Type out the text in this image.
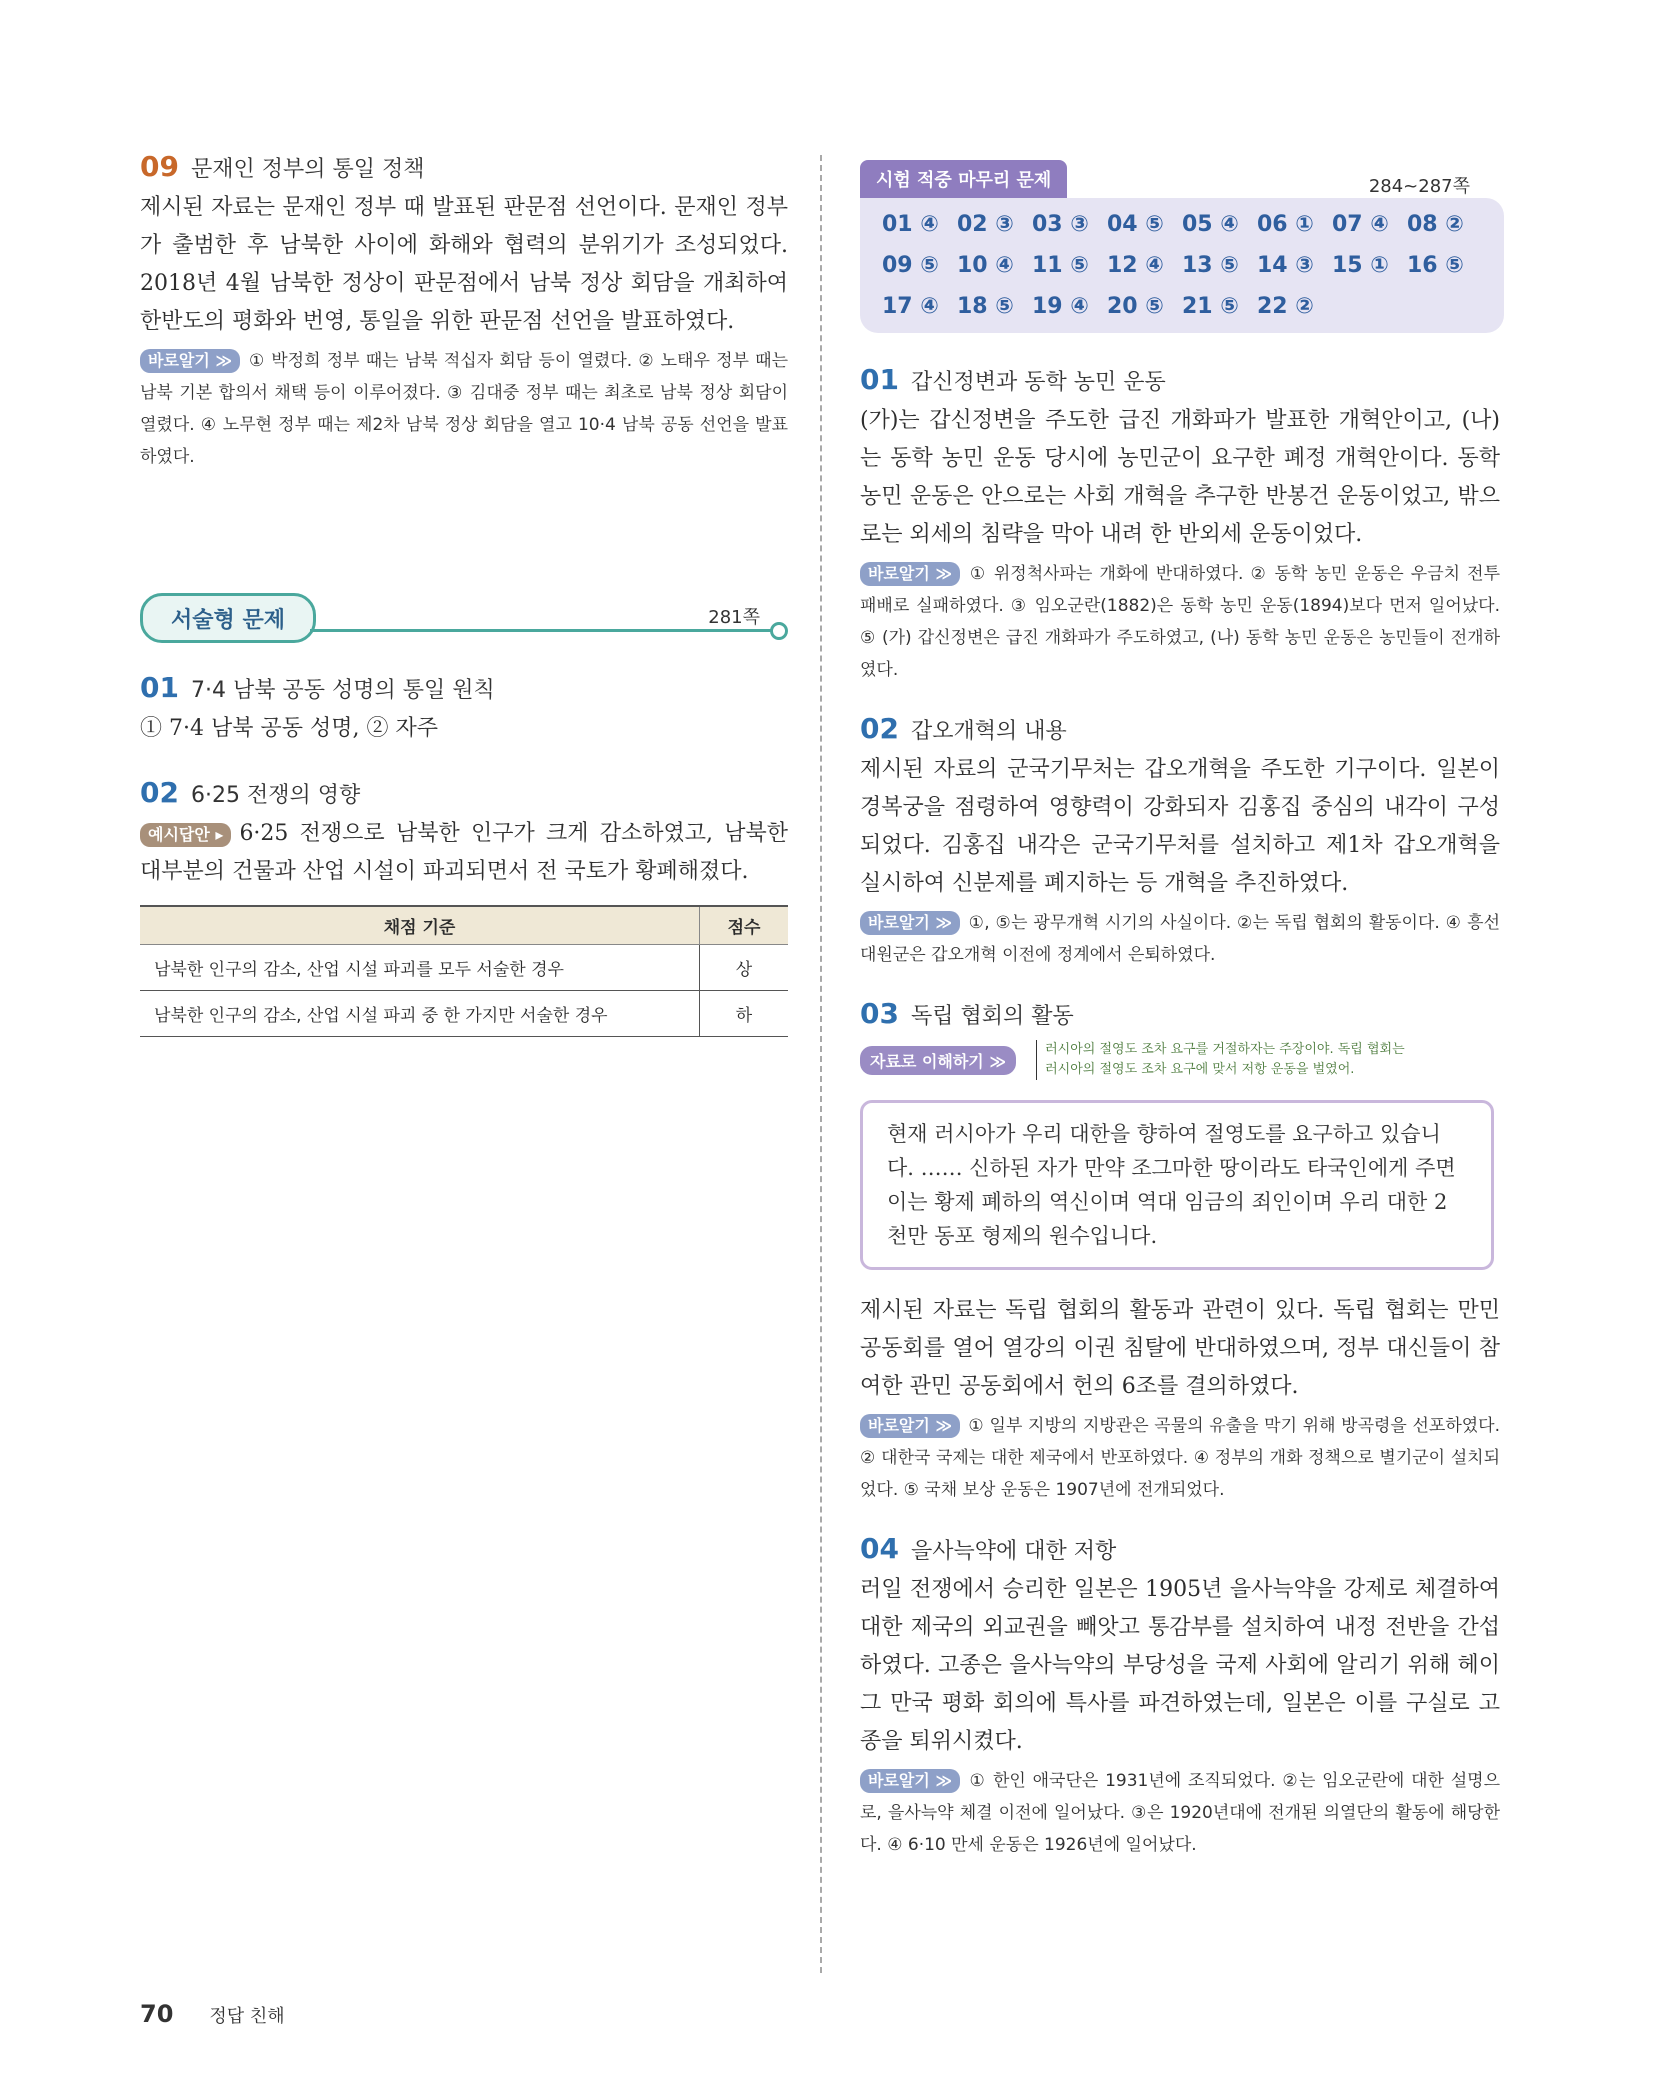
09 문재인 정부의 통일 정책
제시된 자료는 문재인 정부 때 발표된 판문점 선언이다. 문재인 정부가 출범한 후 남북한 사이에 화해와 협력의 분위기가 조성되었다. 2018년 4월 남북한 정상이 판문점에서 남북 정상 회담을 개최하여 한반도의 평화와 번영, 통일을 위한 판문점 선언을 발표하였다.
바로알기 ≫ ① 박정희 정부 때는 남북 적십자 회담 등이 열렸다. ② 노태우 정부 때는 남북 기본 합의서 채택 등이 이루어졌다. ③ 김대중 정부 때는 최초로 남북 정상 회담이 열렸다. ④ 노무현 정부 때는 제2차 남북 정상 회담을 열고 10·4 남북 공동 선언을 발표하였다.
서술형 문제	281쪽
01 7·4 남북 공동 성명의 통일 원칙
① 7·4 남북 공동 성명, ② 자주
02 6·25 전쟁의 영향
예시답안 ▸ 6·25 전쟁으로 남북한 인구가 크게 감소하였고, 남북한 대부분의 건물과 산업 시설이 파괴되면서 전 국토가 황폐해졌다.
채점 기준	점수
남북한 인구의 감소, 산업 시설 파괴를 모두 서술한 경우	상
남북한 인구의 감소, 산업 시설 파괴 중 한 가지만 서술한 경우	하
시험 적중 마무리 문제	284~287쪽
01 ④ 02 ③ 03 ③ 04 ⑤ 05 ④ 06 ① 07 ④ 08 ②
09 ⑤ 10 ④ 11 ⑤ 12 ④ 13 ⑤ 14 ③ 15 ① 16 ⑤
17 ④ 18 ⑤ 19 ④ 20 ⑤ 21 ⑤ 22 ②
01 갑신정변과 동학 농민 운동
(가)는 갑신정변을 주도한 급진 개화파가 발표한 개혁안이고, (나)는 동학 농민 운동 당시에 농민군이 요구한 폐정 개혁안이다. 동학 농민 운동은 안으로는 사회 개혁을 추구한 반봉건 운동이었고, 밖으로는 외세의 침략을 막아 내려 한 반외세 운동이었다.
바로알기 ≫ ① 위정척사파는 개화에 반대하였다. ② 동학 농민 운동은 우금치 전투 패배로 실패하였다. ③ 임오군란(1882)은 동학 농민 운동(1894)보다 먼저 일어났다. ⑤ (가) 갑신정변은 급진 개화파가 주도하였고, (나) 동학 농민 운동은 농민들이 전개하였다.
02 갑오개혁의 내용
제시된 자료의 군국기무처는 갑오개혁을 주도한 기구이다. 일본이 경복궁을 점령하여 영향력이 강화되자 김홍집 중심의 내각이 구성되었다. 김홍집 내각은 군국기무처를 설치하고 제1차 갑오개혁을 실시하여 신분제를 폐지하는 등 개혁을 추진하였다.
바로알기 ≫ ①, ⑤는 광무개혁 시기의 사실이다. ②는 독립 협회의 활동이다. ④ 흥선 대원군은 갑오개혁 이전에 정계에서 은퇴하였다.
03 독립 협회의 활동
자료로 이해하기 ≫
러시아의 절영도 조차 요구를 거절하자는 주장이야. 독립 협회는
러시아의 절영도 조차 요구에 맞서 저항 운동을 벌였어.
현재 러시아가 우리 대한을 향하여 절영도를 요구하고 있습니다. …… 신하된 자가 만약 조그마한 땅이라도 타국인에게 주면 이는 황제 폐하의 역신이며 역대 임금의 죄인이며 우리 대한 2천만 동포 형제의 원수입니다.
제시된 자료는 독립 협회의 활동과 관련이 있다. 독립 협회는 만민 공동회를 열어 열강의 이권 침탈에 반대하였으며, 정부 대신들이 참여한 관민 공동회에서 헌의 6조를 결의하였다.
바로알기 ≫ ① 일부 지방의 지방관은 곡물의 유출을 막기 위해 방곡령을 선포하였다. ② 대한국 국제는 대한 제국에서 반포하였다. ④ 정부의 개화 정책으로 별기군이 설치되었다. ⑤ 국채 보상 운동은 1907년에 전개되었다.
04 을사늑약에 대한 저항
러일 전쟁에서 승리한 일본은 1905년 을사늑약을 강제로 체결하여 대한 제국의 외교권을 빼앗고 통감부를 설치하여 내정 전반을 간섭하였다. 고종은 을사늑약의 부당성을 국제 사회에 알리기 위해 헤이그 만국 평화 회의에 특사를 파견하였는데, 일본은 이를 구실로 고종을 퇴위시켰다.
바로알기 ≫ ① 한인 애국단은 1931년에 조직되었다. ②는 임오군란에 대한 설명으로, 을사늑약 체결 이전에 일어났다. ③은 1920년대에 전개된 의열단의 활동에 해당한다. ④ 6·10 만세 운동은 1926년에 일어났다.
70 정답 친해
